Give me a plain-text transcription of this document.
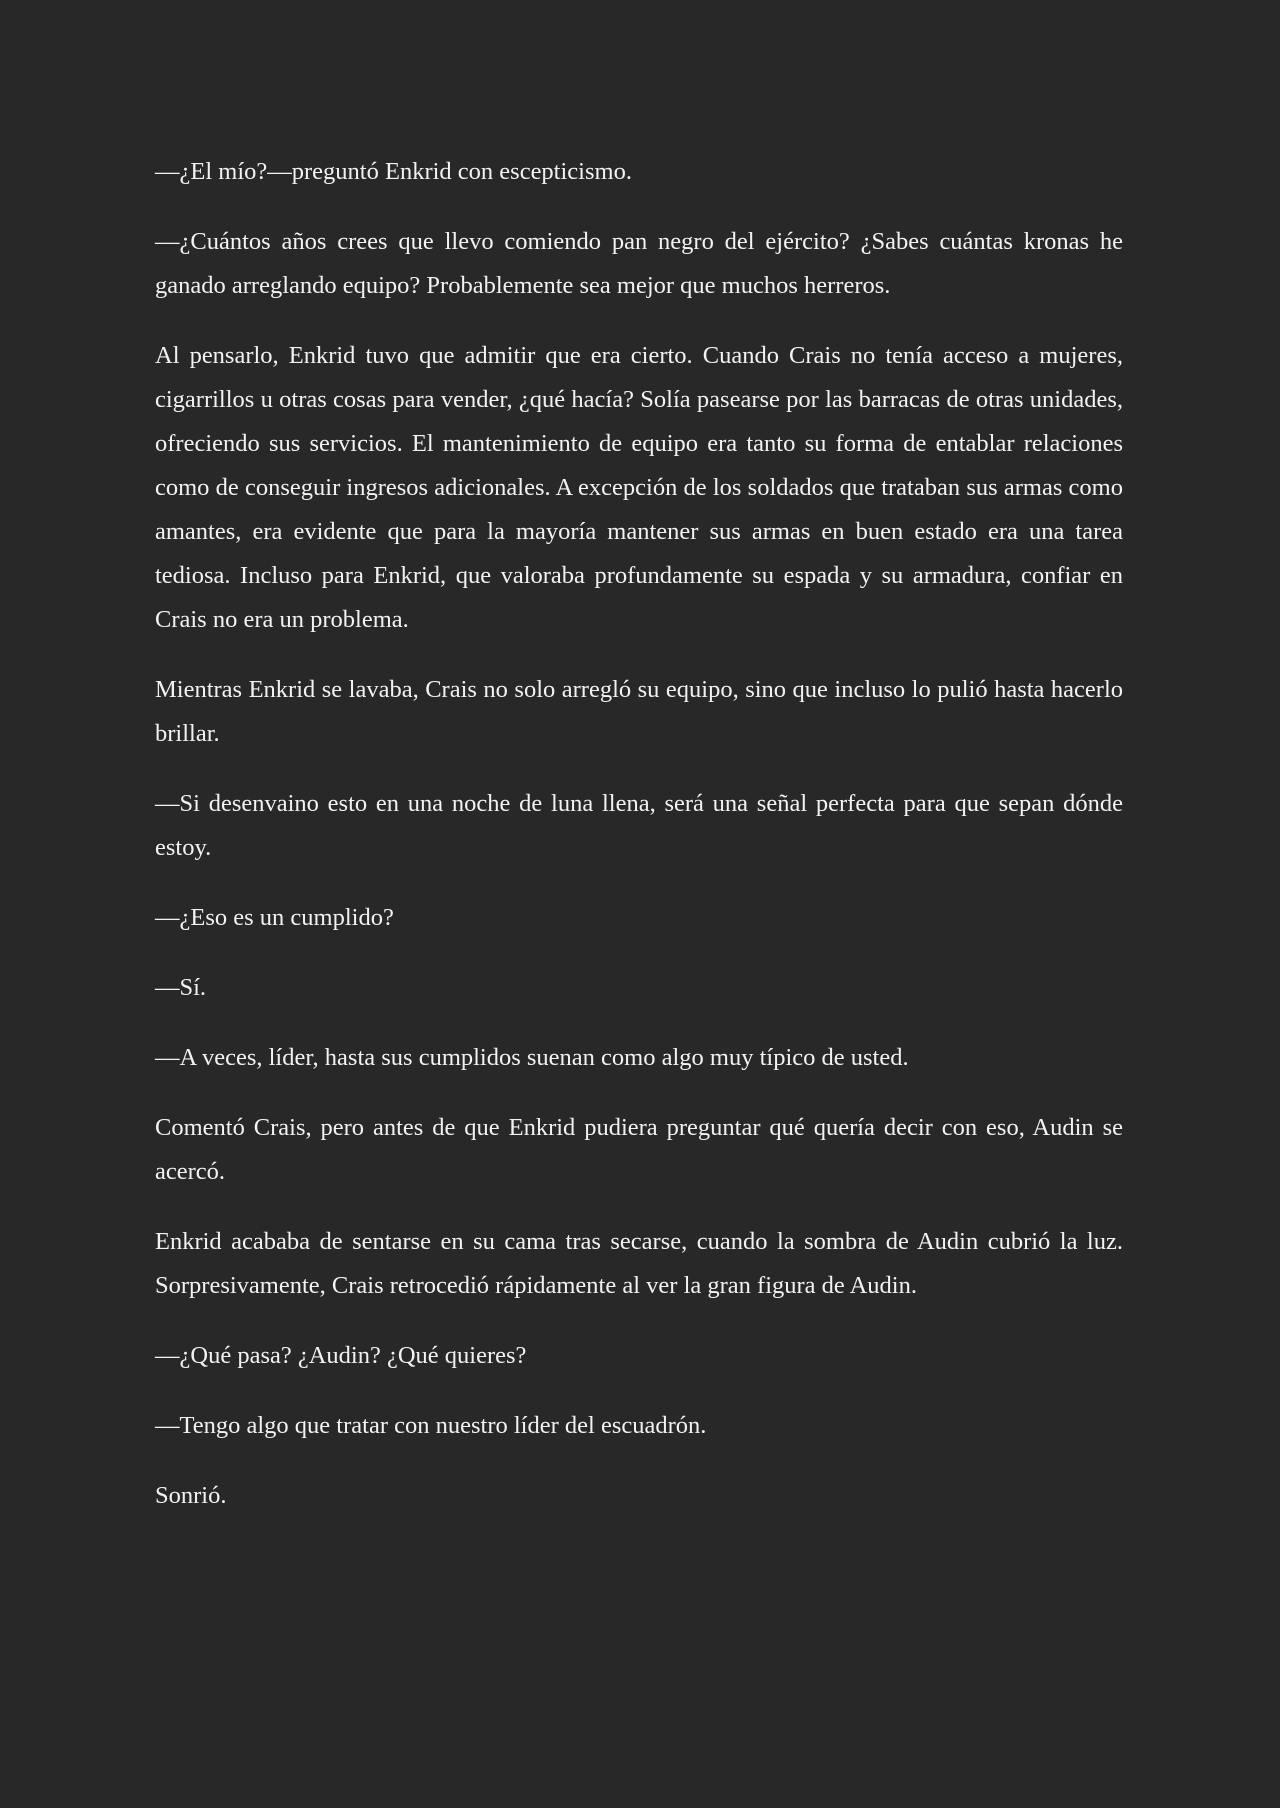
—¿El mío?—preguntó Enkrid con escepticismo.

—¿Cuántos años crees que llevo comiendo pan negro del ejército? ¿Sabes cuántas kronas he ganado arreglando equipo? Probablemente sea mejor que muchos herreros.

Al pensarlo, Enkrid tuvo que admitir que era cierto. Cuando Crais no tenía acceso a mujeres, cigarrillos u otras cosas para vender, ¿qué hacía? Solía pasearse por las barracas de otras unidades, ofreciendo sus servicios. El mantenimiento de equipo era tanto su forma de entablar relaciones como de conseguir ingresos adicionales. A excepción de los soldados que trataban sus armas como amantes, era evidente que para la mayoría mantener sus armas en buen estado era una tarea tediosa. Incluso para Enkrid, que valoraba profundamente su espada y su armadura, confiar en Crais no era un problema.

Mientras Enkrid se lavaba, Crais no solo arregló su equipo, sino que incluso lo pulió hasta hacerlo brillar.

—Si desenvaino esto en una noche de luna llena, será una señal perfecta para que sepan dónde estoy.

—¿Eso es un cumplido?

—Sí.

—A veces, líder, hasta sus cumplidos suenan como algo muy típico de usted.

Comentó Crais, pero antes de que Enkrid pudiera preguntar qué quería decir con eso, Audin se acercó.

Enkrid acababa de sentarse en su cama tras secarse, cuando la sombra de Audin cubrió la luz. Sorpresivamente, Crais retrocedió rápidamente al ver la gran figura de Audin.

—¿Qué pasa? ¿Audin? ¿Qué quieres?

—Tengo algo que tratar con nuestro líder del escuadrón.

Sonrió.
